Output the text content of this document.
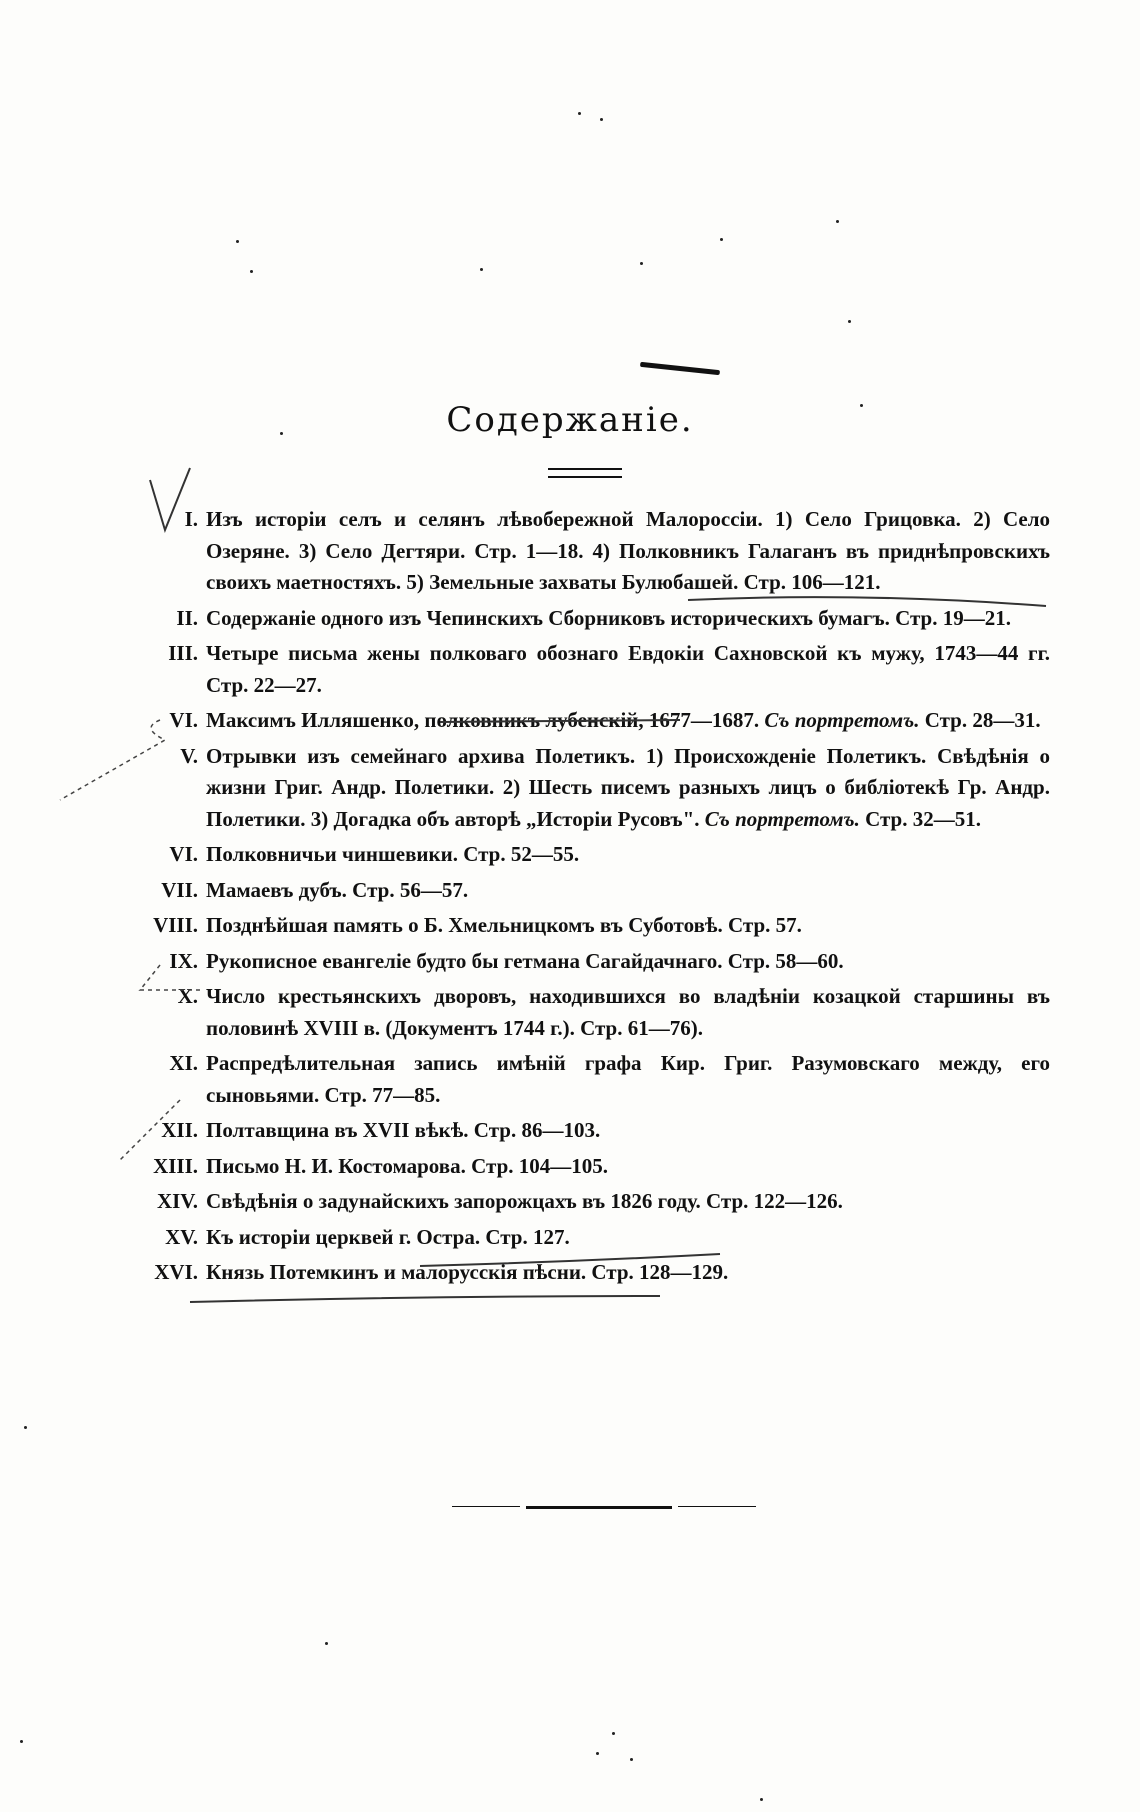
Содержаніе.
I. Изъ исторіи селъ и селянъ лѣвобережной Малороссіи. 1) Село Грицовка. 2) Село Озеряне. 3) Село Дегтяри. Стр. 1—18. 4) Полковникъ Галаганъ въ приднѣпровскихъ своихъ маетностяхъ. 5) Земельные захваты Булюбашей. Стр. 106—121.
II. Содержаніе одного изъ Чепинскихъ Сборниковъ историческихъ бумагъ. Стр. 19—21.
III. Четыре письма жены полковаго обознаго Евдокіи Сахновской къ мужу, 1743—44 гг. Стр. 22—27.
VI. Максимъ Илляшенко, полковникъ лубенскій, 1677—1687. Съ портретомъ. Стр. 28—31.
V. Отрывки изъ семейнаго архива Полетикъ. 1) Происхожденіе Полетикъ. Свѣдѣнія о жизни Григ. Андр. Полетики. 2) Шесть писемъ разныхъ лицъ о библіотекѣ Гр. Андр. Полетики. 3) Догадка объ авторѣ „Исторіи Русовъ". Съ портретомъ. Стр. 32—51.
VI. Полковничьи чиншевики. Стр. 52—55.
VII. Мамаевъ дубъ. Стр. 56—57.
VIII. Позднѣйшая память о Б. Хмельницкомъ въ Суботовѣ. Стр. 57.
IX. Рукописное евангеліе будто бы гетмана Сагайдачнаго. Стр. 58—60.
X. Число крестьянскихъ дворовъ, находившихся во владѣніи козацкой старшины въ половинѣ XVIII в. (Документъ 1744 г.). Стр. 61—76).
XI. Распредѣлительная запись имѣній графа Кир. Григ. Разумовскаго между, его сыновьями. Стр. 77—85.
XII. Полтавщина въ XVII вѣкѣ. Стр. 86—103.
XIII. Письмо Н. И. Костомарова. Стр. 104—105.
XIV. Свѣдѣнія о задунайскихъ запорожцахъ въ 1826 году. Стр. 122—126.
XV. Къ исторіи церквей г. Остра. Стр. 127.
XVI. Князь Потемкинъ и малорусскія пѣсни. Стр. 128—129.
